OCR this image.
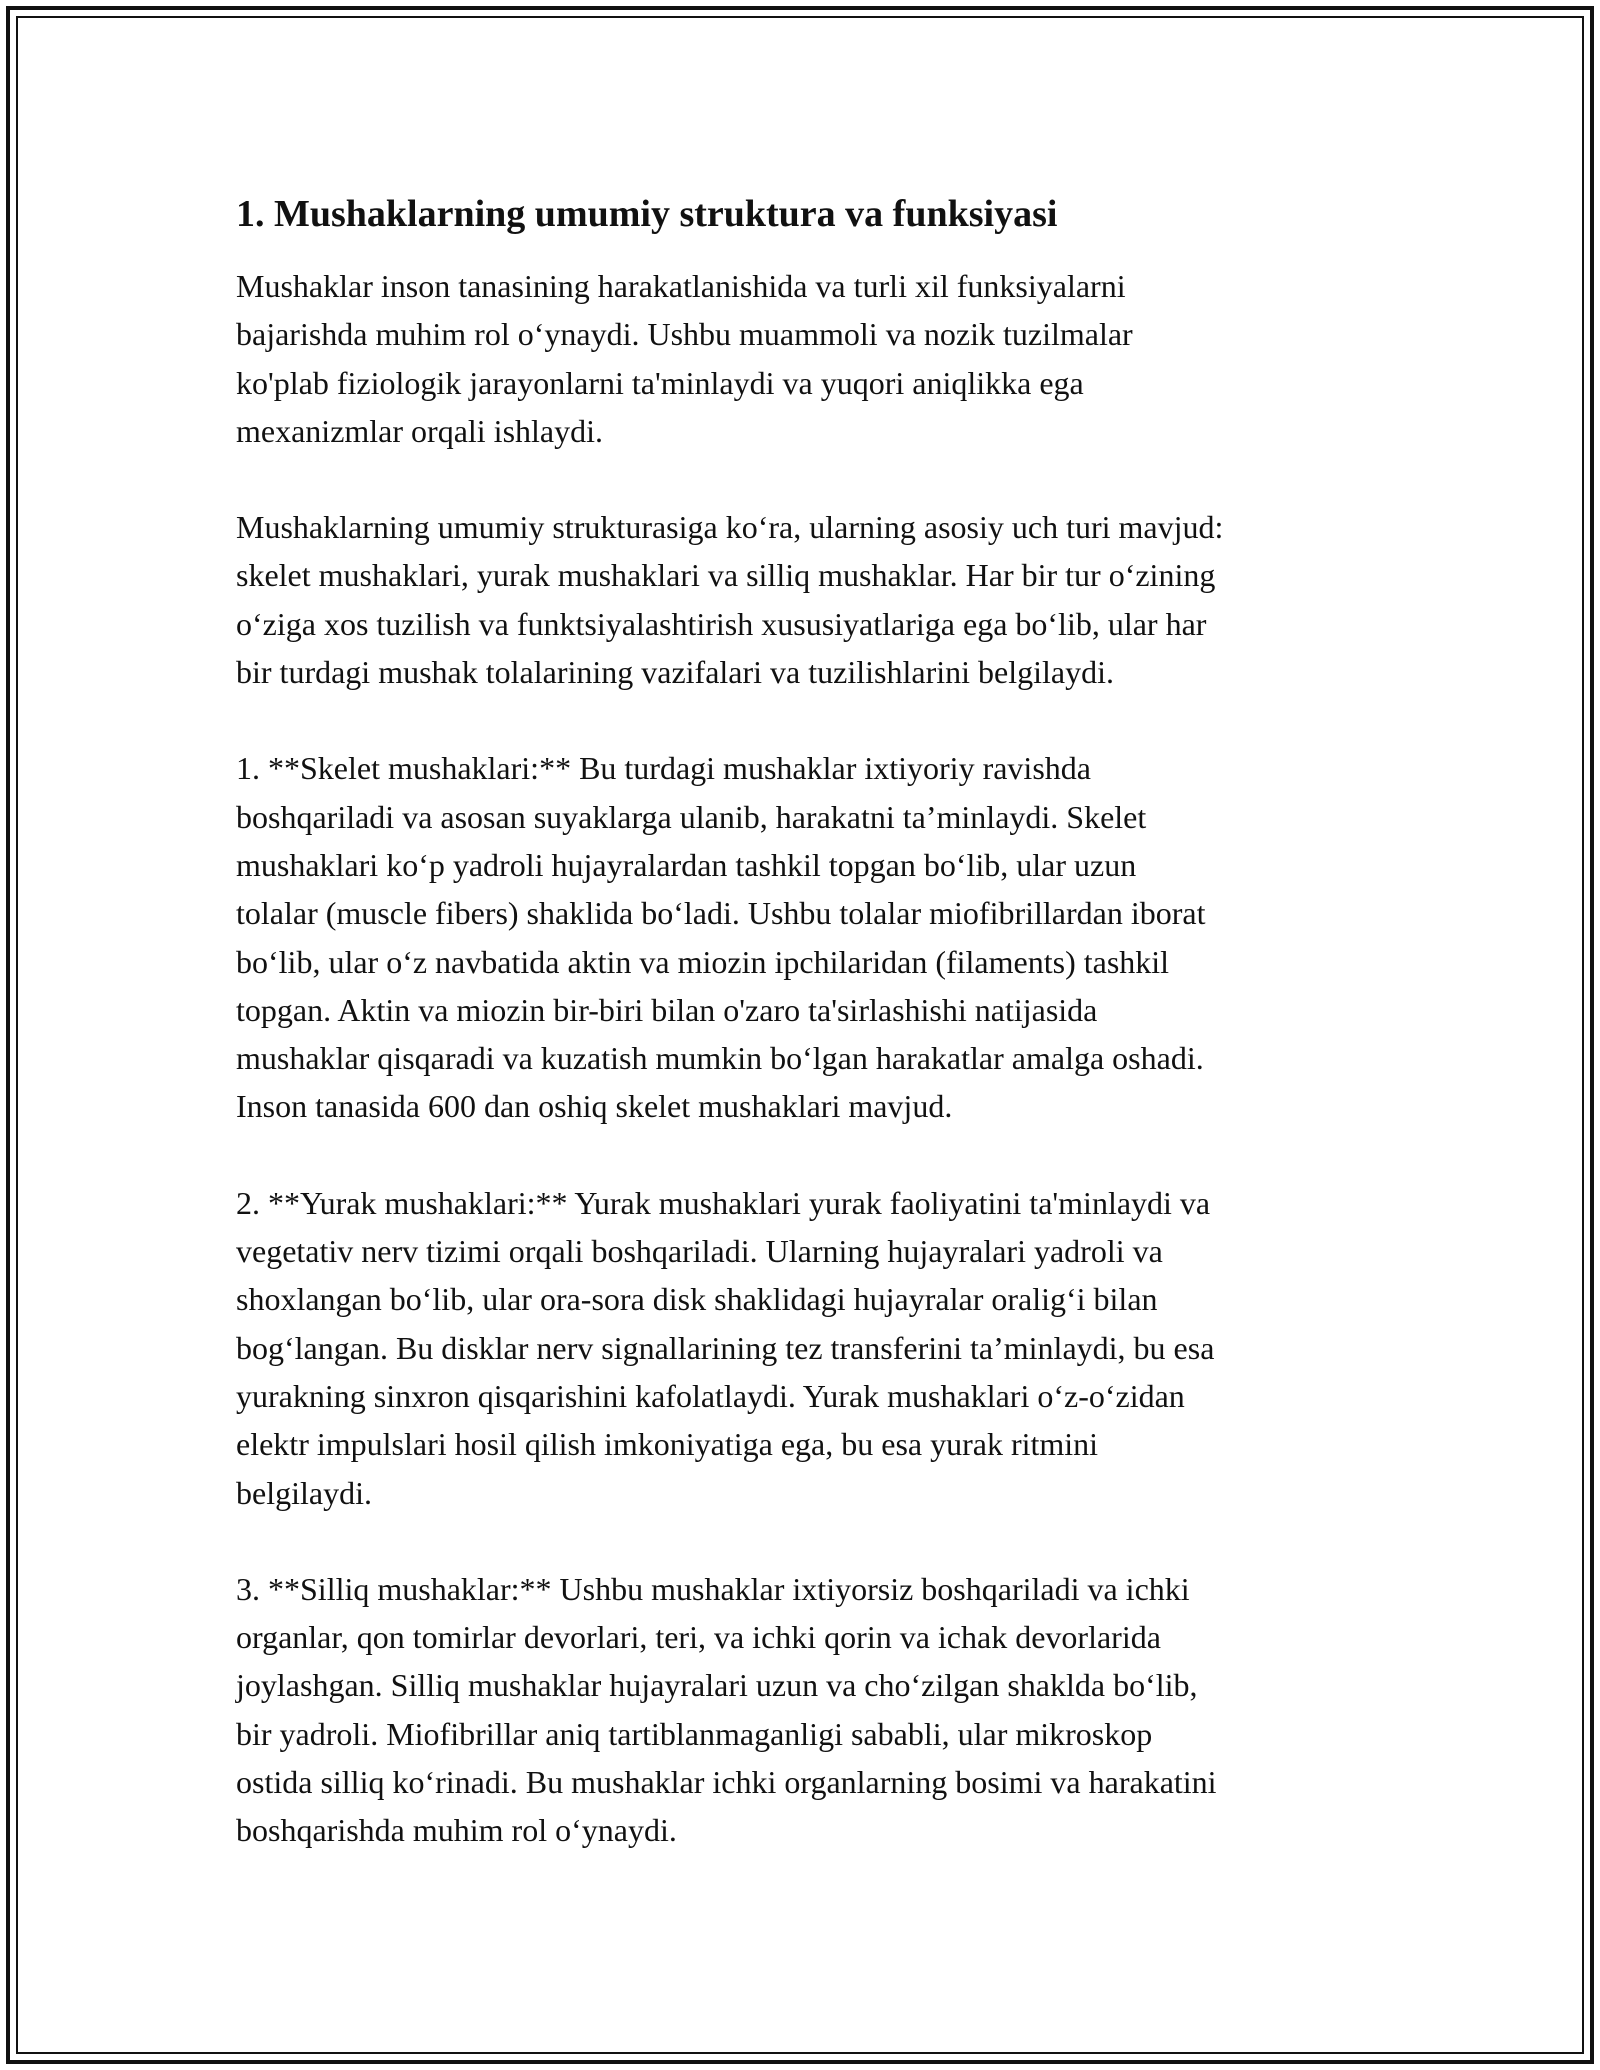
1. Mushaklarning umumiy struktura va funksiyasi

Mushaklar inson tanasining harakatlanishida va turli xil funksiyalarni
bajarishda muhim rol o‘ynaydi. Ushbu muammoli va nozik tuzilmalar
ko'plab fiziologik jarayonlarni ta'minlaydi va yuqori aniqlikka ega
mexanizmlar orqali ishlaydi.

Mushaklarning umumiy strukturasiga ko‘ra, ularning asosiy uch turi mavjud:
skelet mushaklari, yurak mushaklari va silliq mushaklar. Har bir tur o‘zining
o‘ziga xos tuzilish va funktsiyalashtirish xususiyatlariga ega bo‘lib, ular har
bir turdagi mushak tolalarining vazifalari va tuzilishlarini belgilaydi.

1. **Skelet mushaklari:** Bu turdagi mushaklar ixtiyoriy ravishda
boshqariladi va asosan suyaklarga ulanib, harakatni ta’minlaydi. Skelet
mushaklari ko‘p yadroli hujayralardan tashkil topgan bo‘lib, ular uzun
tolalar (muscle fibers) shaklida bo‘ladi. Ushbu tolalar miofibrillardan iborat
bo‘lib, ular o‘z navbatida aktin va miozin ipchilaridan (filaments) tashkil
topgan. Aktin va miozin bir-biri bilan o'zaro ta'sirlashishi natijasida
mushaklar qisqaradi va kuzatish mumkin bo‘lgan harakatlar amalga oshadi.
Inson tanasida 600 dan oshiq skelet mushaklari mavjud.

2. **Yurak mushaklari:** Yurak mushaklari yurak faoliyatini ta'minlaydi va
vegetativ nerv tizimi orqali boshqariladi. Ularning hujayralari yadroli va
shoxlangan bo‘lib, ular ora-sora disk shaklidagi hujayralar oralig‘i bilan
bog‘langan. Bu disklar nerv signallarining tez transferini ta’minlaydi, bu esa
yurakning sinxron qisqarishini kafolatlaydi. Yurak mushaklari o‘z-o‘zidan
elektr impulslari hosil qilish imkoniyatiga ega, bu esa yurak ritmini
belgilaydi.

3. **Silliq mushaklar:** Ushbu mushaklar ixtiyorsiz boshqariladi va ichki
organlar, qon tomirlar devorlari, teri, va ichki qorin va ichak devorlarida
joylashgan. Silliq mushaklar hujayralari uzun va cho‘zilgan shaklda bo‘lib,
bir yadroli. Miofibrillar aniq tartiblanmaganligi sababli, ular mikroskop
ostida silliq ko‘rinadi. Bu mushaklar ichki organlarning bosimi va harakatini
boshqarishda muhim rol o‘ynaydi.
